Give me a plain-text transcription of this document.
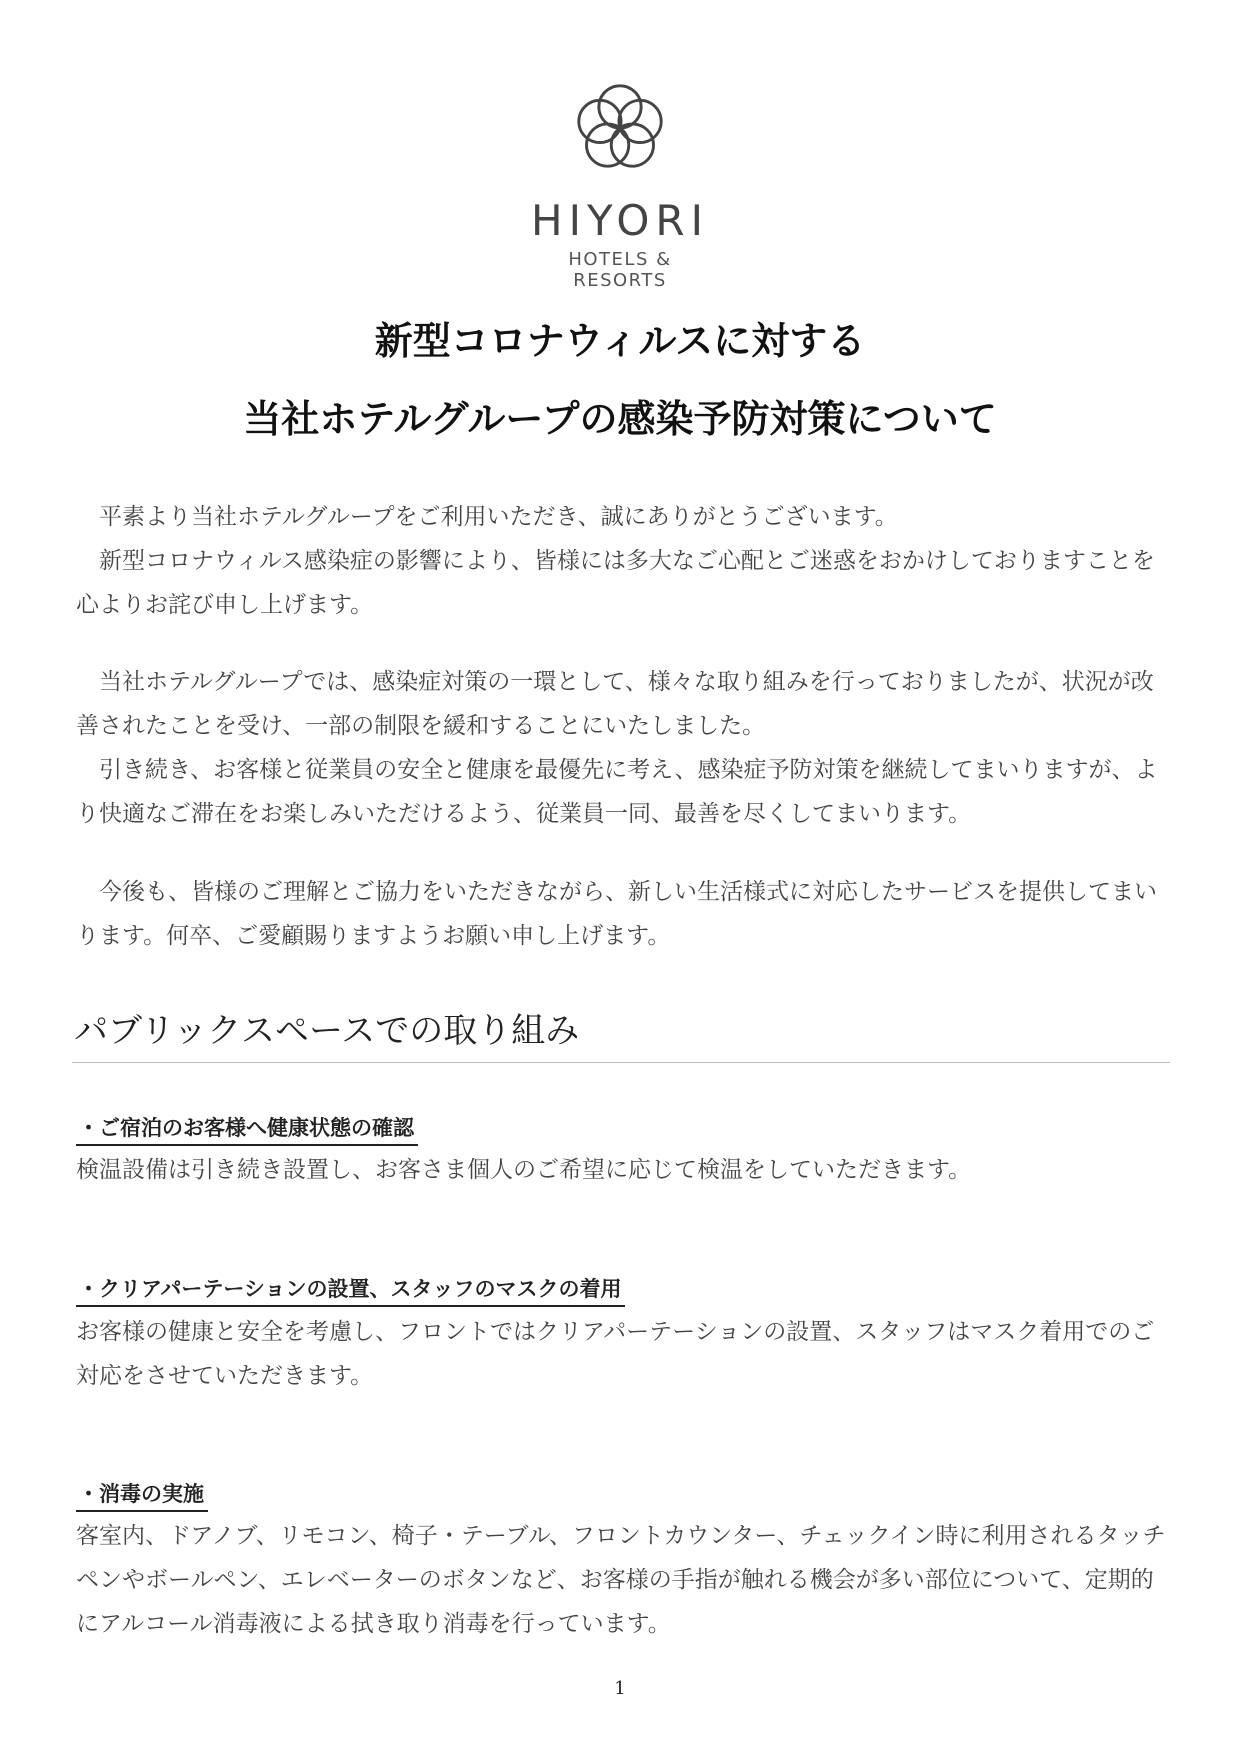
HIYORI
HOTELS & RESORTS
新型コロナウィルスに対する
当社ホテルグループの感染予防対策について

　平素より当社ホテルグループをご利用いただき、誠にありがとうございます。

　新型コロナウィルス感染症の影響により、皆様には多大なご心配とご迷惑をおかけしておりますことを心よりお詫び申し上げます。

　当社ホテルグループでは、感染症対策の一環として、様々な取り組みを行っておりましたが、状況が改善されたことを受け、一部の制限を緩和することにいたしました。

　引き続き、お客様と従業員の安全と健康を最優先に考え、感染症予防対策を継続してまいりますが、より快適なご滞在をお楽しみいただけるよう、従業員一同、最善を尽くしてまいります。

　今後も、皆様のご理解とご協力をいただきながら、新しい生活様式に対応したサービスを提供してまいります。何卒、ご愛顧賜りますようお願い申し上げます。

パブリックスペースでの取り組み
・ご宿泊のお客様へ健康状態の確認
検温設備は引き続き設置し、お客さま個人のご希望に応じて検温をしていただきます。
・クリアパーテーションの設置、スタッフのマスクの着用
お客様の健康と安全を考慮し、フロントではクリアパーテーションの設置、スタッフはマスク着用でのご対応をさせていただきます。
・消毒の実施
客室内、ドアノブ、リモコン、椅子・テーブル、フロントカウンター、チェックイン時に利用されるタッチペンやボールペン、エレベーターのボタンなど、お客様の手指が触れる機会が多い部位について、定期的にアルコール消毒液による拭き取り消毒を行っています。
1
